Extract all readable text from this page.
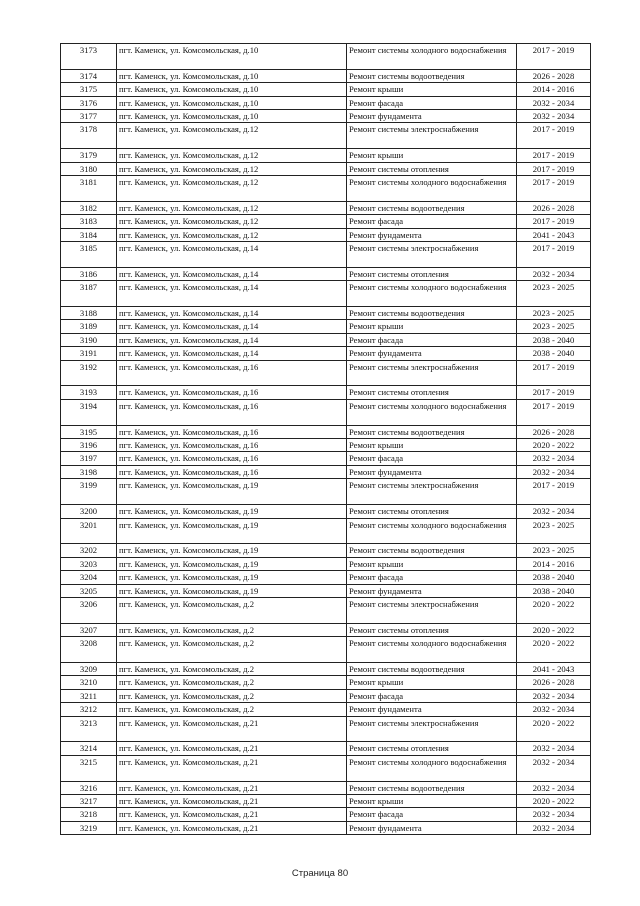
3173	пгт. Каменск, ул. Комсомольская, д.10	Ремонт системы холодного водоснабжения	2017 - 2019
3174	пгт. Каменск, ул. Комсомольская, д.10	Ремонт системы водоотведения	2026 - 2028
3175	пгт. Каменск, ул. Комсомольская, д.10	Ремонт крыши	2014 - 2016
3176	пгт. Каменск, ул. Комсомольская, д.10	Ремонт фасада	2032 - 2034
3177	пгт. Каменск, ул. Комсомольская, д.10	Ремонт фундамента	2032 - 2034
3178	пгт. Каменск, ул. Комсомольская, д.12	Ремонт системы электроснабжения	2017 - 2019
3179	пгт. Каменск, ул. Комсомольская, д.12	Ремонт крыши	2017 - 2019
3180	пгт. Каменск, ул. Комсомольская, д.12	Ремонт системы отопления	2017 - 2019
3181	пгт. Каменск, ул. Комсомольская, д.12	Ремонт системы холодного водоснабжения	2017 - 2019
3182	пгт. Каменск, ул. Комсомольская, д.12	Ремонт системы водоотведения	2026 - 2028
3183	пгт. Каменск, ул. Комсомольская, д.12	Ремонт фасада	2017 - 2019
3184	пгт. Каменск, ул. Комсомольская, д.12	Ремонт фундамента	2041 - 2043
3185	пгт. Каменск, ул. Комсомольская, д.14	Ремонт системы электроснабжения	2017 - 2019
3186	пгт. Каменск, ул. Комсомольская, д.14	Ремонт системы отопления	2032 - 2034
3187	пгт. Каменск, ул. Комсомольская, д.14	Ремонт системы холодного водоснабжения	2023 - 2025
3188	пгт. Каменск, ул. Комсомольская, д.14	Ремонт системы водоотведения	2023 - 2025
3189	пгт. Каменск, ул. Комсомольская, д.14	Ремонт крыши	2023 - 2025
3190	пгт. Каменск, ул. Комсомольская, д.14	Ремонт фасада	2038 - 2040
3191	пгт. Каменск, ул. Комсомольская, д.14	Ремонт фундамента	2038 - 2040
3192	пгт. Каменск, ул. Комсомольская, д.16	Ремонт системы электроснабжения	2017 - 2019
3193	пгт. Каменск, ул. Комсомольская, д.16	Ремонт системы отопления	2017 - 2019
3194	пгт. Каменск, ул. Комсомольская, д.16	Ремонт системы холодного водоснабжения	2017 - 2019
3195	пгт. Каменск, ул. Комсомольская, д.16	Ремонт системы водоотведения	2026 - 2028
3196	пгт. Каменск, ул. Комсомольская, д.16	Ремонт крыши	2020 - 2022
3197	пгт. Каменск, ул. Комсомольская, д.16	Ремонт фасада	2032 - 2034
3198	пгт. Каменск, ул. Комсомольская, д.16	Ремонт фундамента	2032 - 2034
3199	пгт. Каменск, ул. Комсомольская, д.19	Ремонт системы электроснабжения	2017 - 2019
3200	пгт. Каменск, ул. Комсомольская, д.19	Ремонт системы отопления	2032 - 2034
3201	пгт. Каменск, ул. Комсомольская, д.19	Ремонт системы холодного водоснабжения	2023 - 2025
3202	пгт. Каменск, ул. Комсомольская, д.19	Ремонт системы водоотведения	2023 - 2025
3203	пгт. Каменск, ул. Комсомольская, д.19	Ремонт крыши	2014 - 2016
3204	пгт. Каменск, ул. Комсомольская, д.19	Ремонт фасада	2038 - 2040
3205	пгт. Каменск, ул. Комсомольская, д.19	Ремонт фундамента	2038 - 2040
3206	пгт. Каменск, ул. Комсомольская, д.2	Ремонт системы электроснабжения	2020 - 2022
3207	пгт. Каменск, ул. Комсомольская, д.2	Ремонт системы отопления	2020 - 2022
3208	пгт. Каменск, ул. Комсомольская, д.2	Ремонт системы холодного водоснабжения	2020 - 2022
3209	пгт. Каменск, ул. Комсомольская, д.2	Ремонт системы водоотведения	2041 - 2043
3210	пгт. Каменск, ул. Комсомольская, д.2	Ремонт крыши	2026 - 2028
3211	пгт. Каменск, ул. Комсомольская, д.2	Ремонт фасада	2032 - 2034
3212	пгт. Каменск, ул. Комсомольская, д.2	Ремонт фундамента	2032 - 2034
3213	пгт. Каменск, ул. Комсомольская, д.21	Ремонт системы электроснабжения	2020 - 2022
3214	пгт. Каменск, ул. Комсомольская, д.21	Ремонт системы отопления	2032 - 2034
3215	пгт. Каменск, ул. Комсомольская, д.21	Ремонт системы холодного водоснабжения	2032 - 2034
3216	пгт. Каменск, ул. Комсомольская, д.21	Ремонт системы водоотведения	2032 - 2034
3217	пгт. Каменск, ул. Комсомольская, д.21	Ремонт крыши	2020 - 2022
3218	пгт. Каменск, ул. Комсомольская, д.21	Ремонт фасада	2032 - 2034
3219	пгт. Каменск, ул. Комсомольская, д.21	Ремонт фундамента	2032 - 2034
Страница 80
